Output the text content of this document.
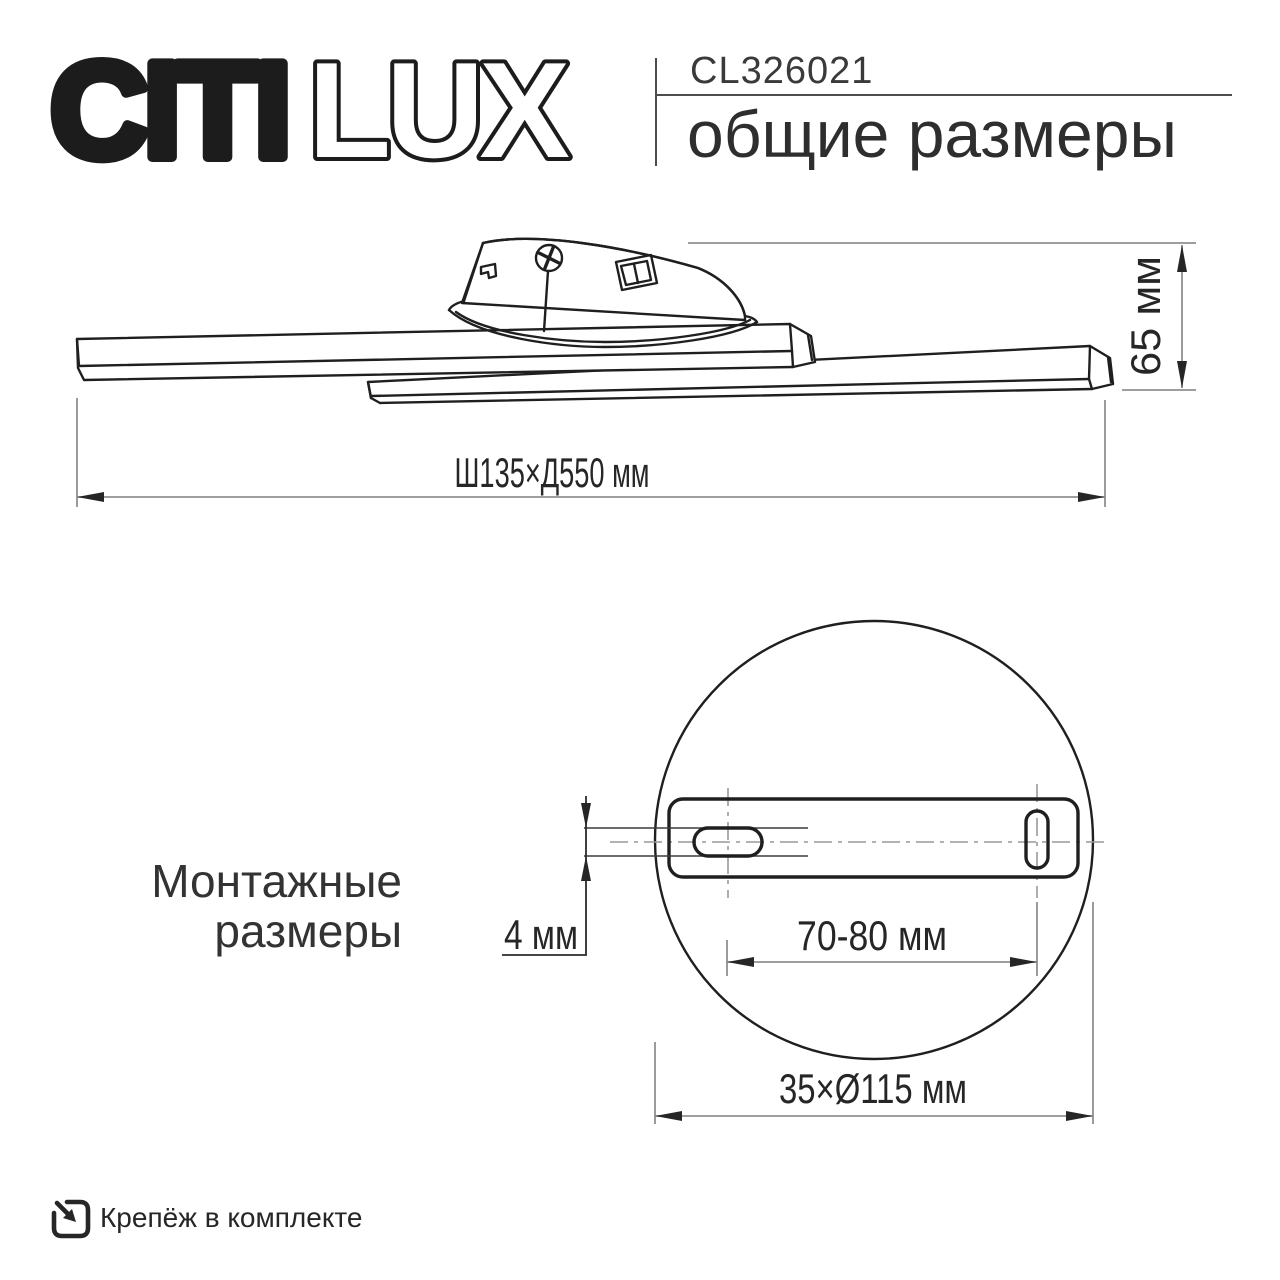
CITI LUX
Ш135×Д550 мм
65 мм
4 мм	70-80 мм
35×Ø115 мм
CL326021
общие размеры
Монтажные
размеры
Крепёж в комплекте
